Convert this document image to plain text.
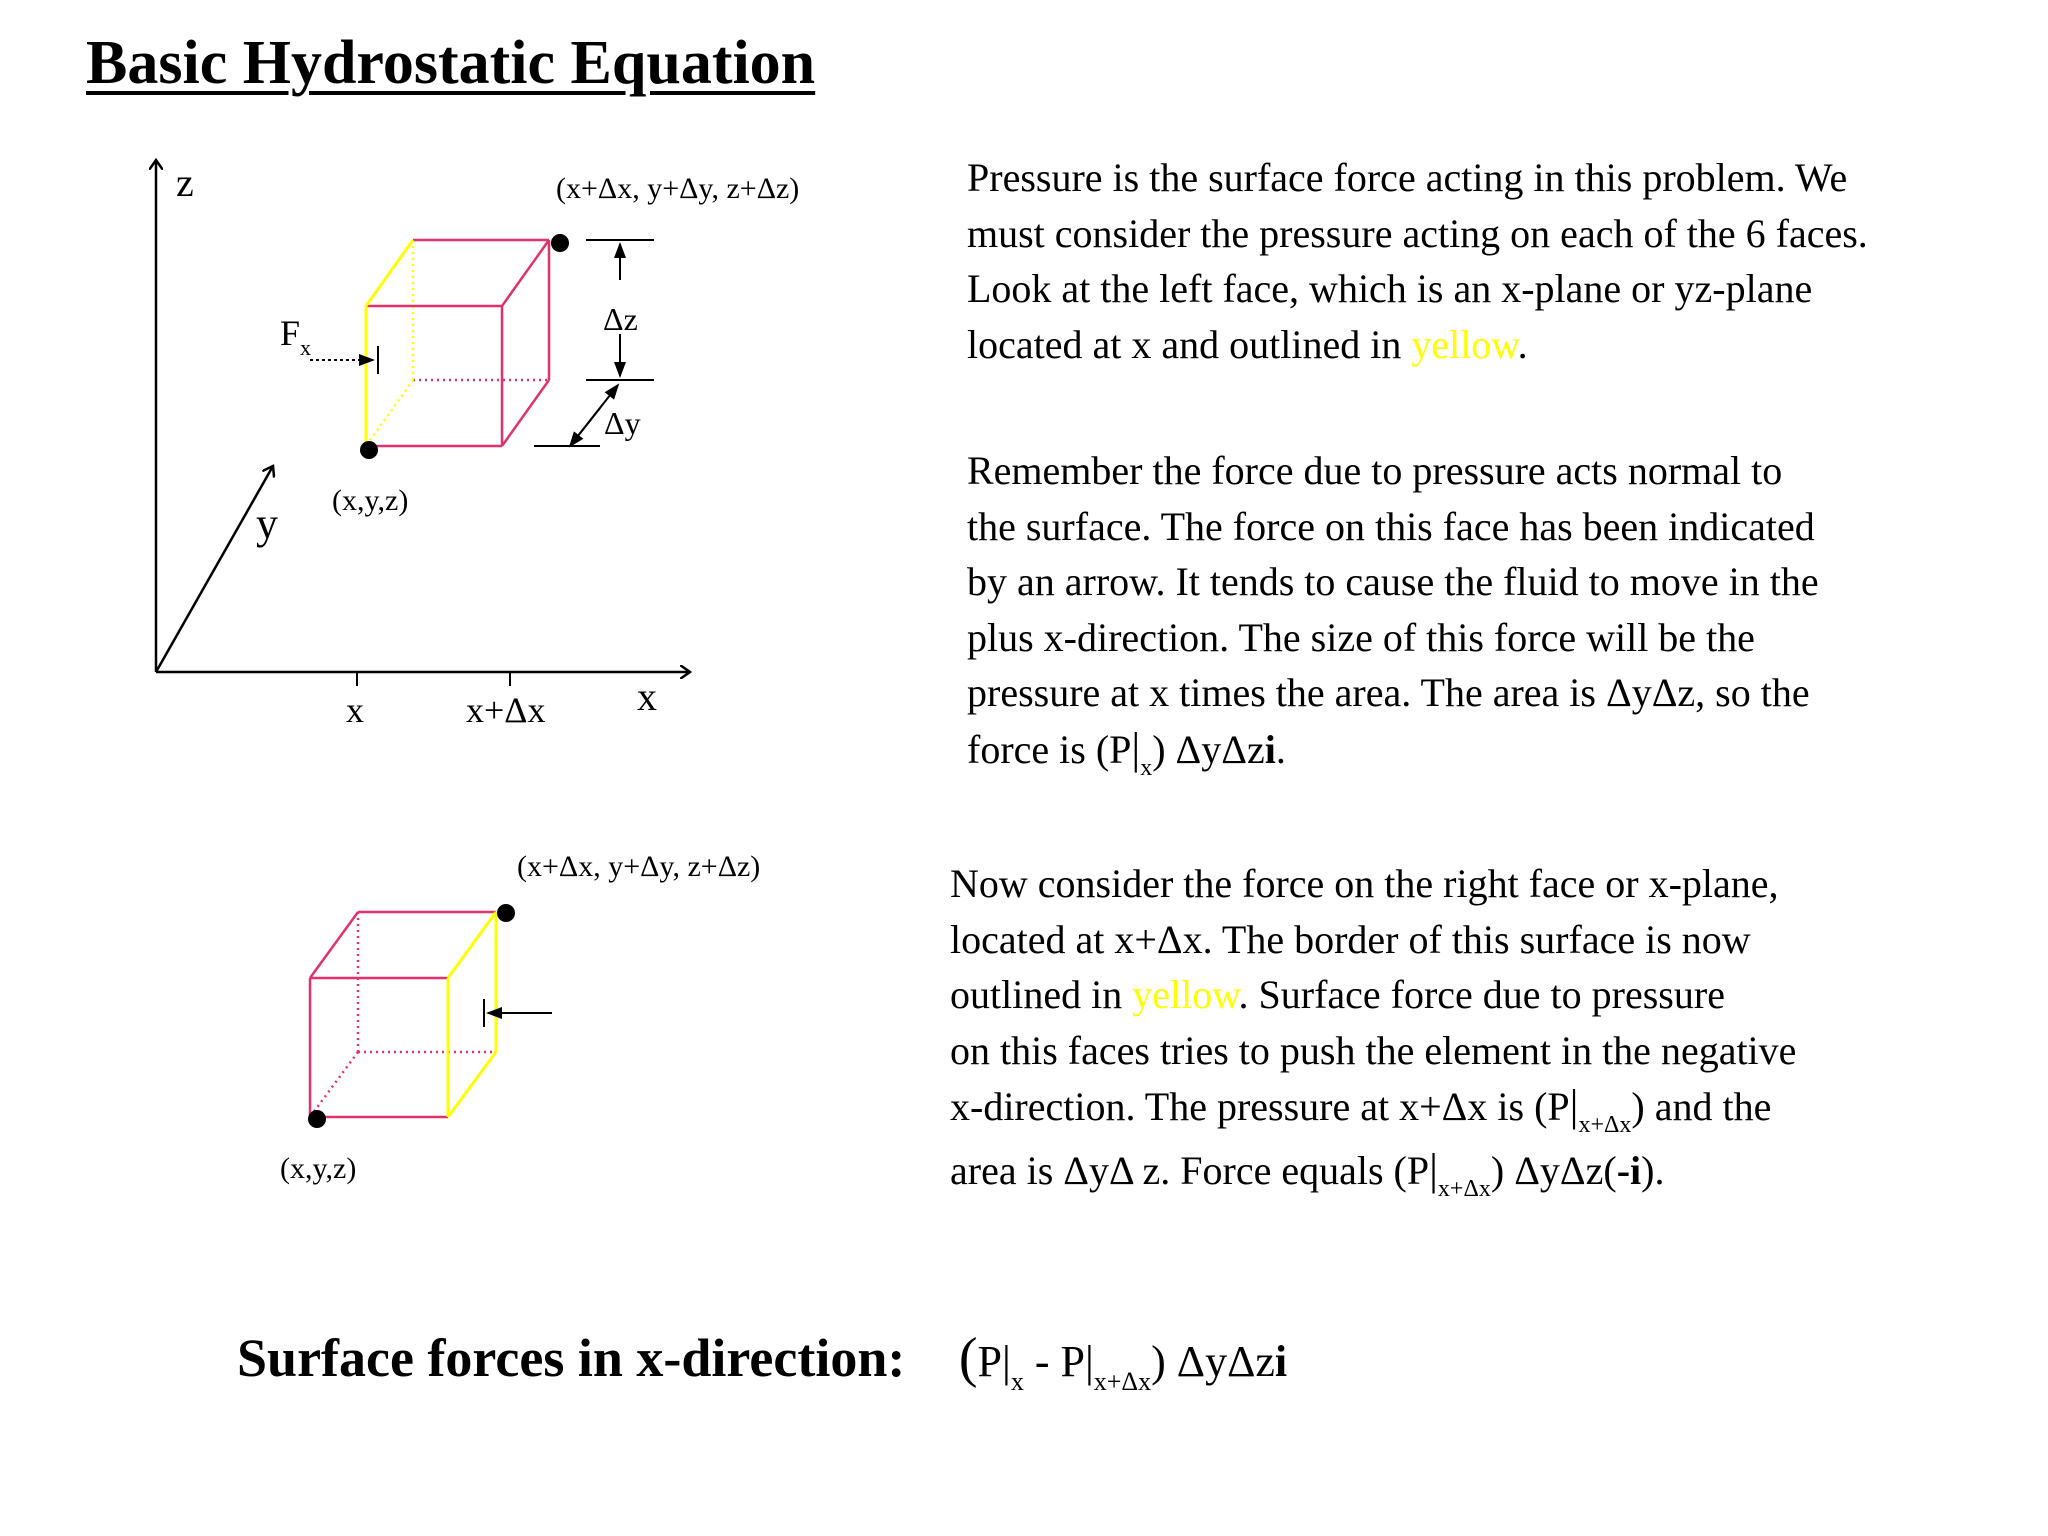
Basic Hydrostatic Equation
z
y
x
x	x+Δx
(x+Δx, y+Δy, z+Δz)
(x,y,z)
$F_x$
Δz
Δy
(x+Δx, y+Δy, z+Δz)
(x,y,z)
Pressure is the surface force acting in this problem. We
must consider the pressure acting on each of the 6 faces.
Look at the left face, which is an x-plane or yz-plane
located at x and outlined in yellow.
Remember the force due to pressure acts normal to
the surface. The force on this face has been indicated
by an arrow. It tends to cause the fluid to move in the
plus x-direction. The size of this force will be the
pressure at x times the area. The area is ΔyΔz, so the
force is $(P|_x)$ ΔyΔzi.
Now consider the force on the right face or x-plane,
located at x+Δx. The border of this surface is now
outlined in yellow. Surface force due to pressure
on this faces tries to push the element in the negative
x-direction. The pressure at x+Δx is $(P|_{x+\Delta x})$ and the
area is ΔyΔ z. Force equals $(P|_{x+\Delta x})$ ΔyΔz(-i).
Surface forces in x-direction: $(P|_x - P|_{x+\Delta x})$ ΔyΔzi
